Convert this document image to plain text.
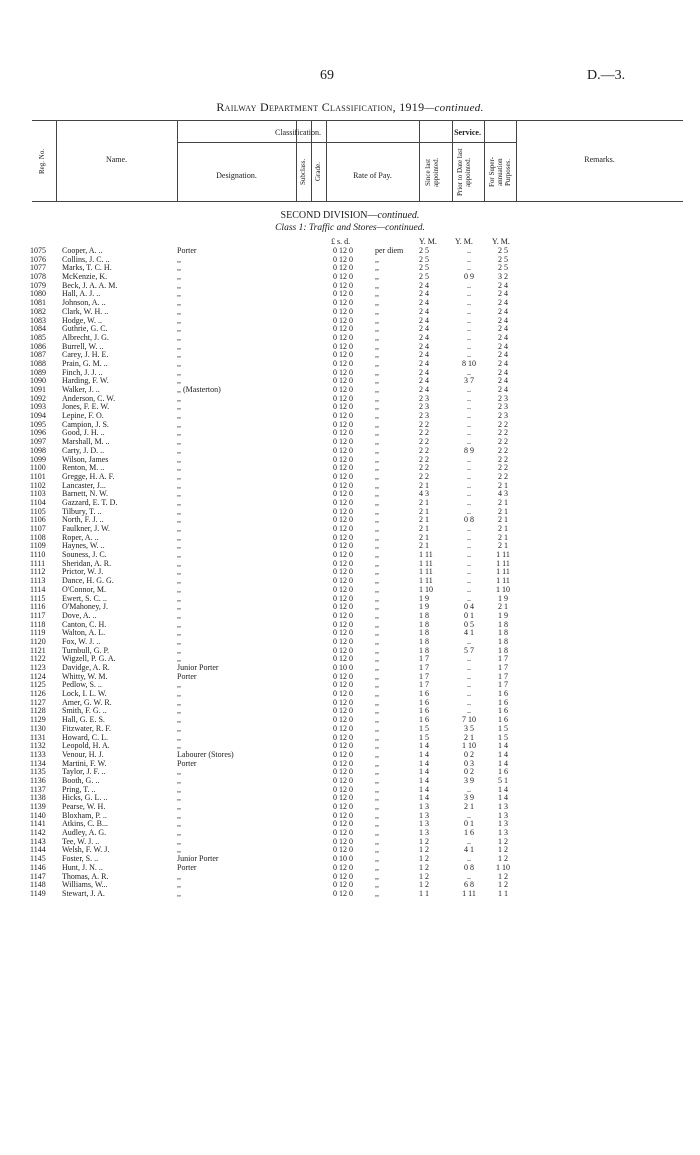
69	D.—3.
Railway Department Classification, 1919—continued.
Reg. No.	Name.
Classification.	Service.
Designation.	Subclass. Grade.	Rate of Pay.	Since last appointed.	Prior to Date last appointed.	For Super-annuation Purposes.	Remarks.
SECOND DIVISION—continued.
Class 1: Traffic and Stores—continued.
£ s. d.	Y. M. Y. M. Y. M.
1075	Cooper, A. ..	Porter	0 12 0	per diem	2 5	..	2 5
1076	Collins, J. C. ..	,,	0 12 0	,,	2 5	..	2 5
1077	Marks, T. C. H.	,,	0 12 0	,,	2 5	..	2 5
1078	McKenzie, K.	,,	0 12 0	,,	2 5	0 9	3 2
1079	Beck, J. A. A. M.	,,	0 12 0	,,	2 4	..	2 4
1080	Hall, A. J. ..	,,	0 12 0	,,	2 4	..	2 4
1081	Johnson, A. ..	,,	0 12 0	,,	2 4	..	2 4
1082	Clark, W. H. ..	,,	0 12 0	,,	2 4	..	2 4
1083	Hodge, W. ..	,,	0 12 0	,,	2 4	..	2 4
1084	Guthrie, G. C.	,,	0 12 0	,,	2 4	..	2 4
1085	Albrecht, J. G.	,,	0 12 0	,,	2 4	..	2 4
1086	Burrell, W. ..	,,	0 12 0	,,	2 4	..	2 4
1087	Carey, J. H. E.	,,	0 12 0	,,	2 4	..	2 4
1088	Prain, G. M. ..	,,	0 12 0	,,	2 4	8 10	2 4
1089	Finch, J. J. ..	,,	0 12 0	,,	2 4	..	2 4
1090	Harding, F. W.	,,	0 12 0	,,	2 4	3 7	2 4
1091	Walker, J. ..	,, (Masterton)	0 12 0	,,	2 4	..	2 4
1092	Anderson, C. W.	,,	0 12 0	,,	2 3	..	2 3
1093	Jones, F. E. W.	,,	0 12 0	,,	2 3	..	2 3
1094	Lepine, F. O.	,,	0 12 0	,,	2 3	..	2 3
1095	Campion, J. S.	,,	0 12 0	,,	2 2	..	2 2
1096	Good, J. H. ..	,,	0 12 0	,,	2 2	..	2 2
1097	Marshall, M. ..	,,	0 12 0	,,	2 2	..	2 2
1098	Carty, J. D. ..	,,	0 12 0	,,	2 2	8 9	2 2
1099	Wilson, James	,,	0 12 0	,,	2 2	..	2 2
1100	Renton, M. ..	,,	0 12 0	,,	2 2	..	2 2
1101	Gregge, H. A. F.	,,	0 12 0	,,	2 2	..	2 2
1102	Lancaster, J...	,,	0 12 0	,,	2 1	..	2 1
1103	Barnett, N. W.	,,	0 12 0	,,	4 3	..	4 3
1104	Gazzard, E. T. D.	,,	0 12 0	,,	2 1	..	2 1
1105	Tilbury, T. ..	,,	0 12 0	,,	2 1	..	2 1
1106	North, F. J. ..	,,	0 12 0	,,	2 1	0 8	2 1
1107	Faulkner, J. W.	,,	0 12 0	,,	2 1	..	2 1
1108	Roper, A. ..	,,	0 12 0	,,	2 1	..	2 1
1109	Haynes, W. ..	,,	0 12 0	,,	2 1	..	2 1
1110	Souness, J. C.	,,	0 12 0	,,	1 11	..	1 11
1111	Sheridan, A. R.	,,	0 12 0	,,	1 11	..	1 11
1112	Prictor, W. J.	,,	0 12 0	,,	1 11	..	1 11
1113	Dance, H. G. G.	,,	0 12 0	,,	1 11	..	1 11
1114	O'Connor, M.	,,	0 12 0	,,	1 10	..	1 10
1115	Ewert, S. C. ..	,,	0 12 0	,,	1 9	..	1 9
1116	O'Mahoney, J.	,,	0 12 0	,,	1 9	0 4	2 1
1117	Dove, A. ..	,,	0 12 0	,,	1 8	0 1	1 9
1118	Canton, C. H.	,,	0 12 0	,,	1 8	0 5	1 8
1119	Walton, A. L.	,,	0 12 0	,,	1 8	4 1	1 8
1120	Fox, W. J. ..	,,	0 12 0	,,	1 8	..	1 8
1121	Turnbull, G. P.	,,	0 12 0	,,	1 8	5 7	1 8
1122	Wigzell, P. G. A.	,,	0 12 0	,,	1 7	..	1 7
1123	Davidge, A. R.	Junior Porter	0 10 0	,,	1 7	..	1 7
1124	Whitty, W. M.	Porter	0 12 0	,,	1 7	..	1 7
1125	Pedlow, S. ..	,,	0 12 0	,,	1 7	..	1 7
1126	Lock, I. L. W.	,,	0 12 0	,,	1 6	..	1 6
1127	Amer, G. W. R.	,,	0 12 0	,,	1 6	..	1 6
1128	Smith, F. G. ..	,,	0 12 0	,,	1 6	..	1 6
1129	Hall, G. E. S.	,,	0 12 0	,,	1 6	7 10	1 6
1130	Fitzwater, R. F.	,,	0 12 0	,,	1 5	3 5	1 5
1131	Howard, C. L.	,,	0 12 0	,,	1 5	2 1	1 5
1132	Leopold, H. A.	,,	0 12 0	,,	1 4	1 10	1 4
1133	Venour, H. J.	Labourer (Stores)	0 12 0	,,	1 4	0 2	1 4
1134	Martini, F. W.	Porter	0 12 0	,,	1 4	0 3	1 4
1135	Taylor, J. F. ..	,,	0 12 0	,,	1 4	0 2	1 6
1136	Booth, G. ..	,,	0 12 0	,,	1 4	3 9	5 1
1137	Pring, T. ..	,,	0 12 0	,,	1 4	..	1 4
1138	Hicks, G. L. ..	,,	0 12 0	,,	1 4	3 9	1 4
1139	Pearse, W. H.	,,	0 12 0	,,	1 3	2 1	1 3
1140	Bloxham, P. ..	,,	0 12 0	,,	1 3	..	1 3
1141	Atkins, C. B...	,,	0 12 0	,,	1 3	0 1	1 3
1142	Audley, A. G.	,,	0 12 0	,,	1 3	1 6	1 3
1143	Tee, W. J. ..	,,	0 12 0	,,	1 2	..	1 2
1144	Welsh, F. W. J.	,,	0 12 0	,,	1 2	4 1	1 2
1145	Foster, S. ..	Junior Porter	0 10 0	,,	1 2	..	1 2
1146	Hunt, J. N. ..	Porter	0 12 0	,,	1 2	0 8	1 10
1147	Thomas, A. R.	,,	0 12 0	,,	1 2	..	1 2
1148	Williams, W...	,,	0 12 0	,,	1 2	6 8	1 2
1149	Stewart, J. A.	,,	0 12 0	,,	1 1	1 11	1 1
